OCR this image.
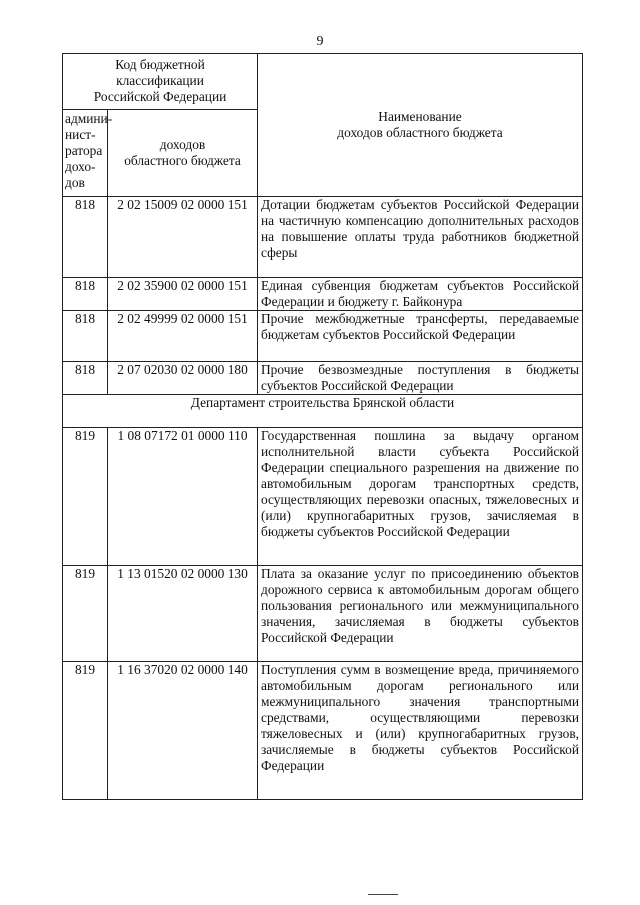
9
Код бюджетной
классификации
Российской Федерации		Наименование
доходов областного бюджета
админи-
нист-
ратора
дохо-
дов	доходов
областного бюджета	
818	2 02 15009 02 0000 151	Дотации бюджетам субъектов Российской Федерации на частичную компенсацию дополнительных расходов на повышение оплаты труда работников бюджетной сферы
818	2 02 35900 02 0000 151	Единая субвенция бюджетам субъектов Российской Федерации и бюджету г. Байконура
818	2 02 49999 02 0000 151	Прочие межбюджетные трансферты, передаваемые бюджетам субъектов Российской Федерации
818	2 07 02030 02 0000 180	Прочие безвозмездные поступления в бюджеты субъектов Российской Федерации
Департамент строительства Брянской области		
819	1 08 07172 01 0000 110	Государственная пошлина за выдачу органом исполнительной власти субъекта Российской Федерации специального разрешения на движение по автомобильным дорогам транспортных средств, осуществляющих перевозки опасных, тяжеловесных и (или) крупногабаритных грузов, зачисляемая в бюджеты субъектов Российской Федерации
819	1 13 01520 02 0000 130	Плата за оказание услуг по присоединению объектов дорожного сервиса к автомобильным дорогам общего пользования регионального или межмуниципального значения, зачисляемая в бюджеты субъектов Российской Федерации
819	1 16 37020 02 0000 140	Поступления сумм в возмещение вреда, причиняемого автомобильным дорогам регионального или межмуниципального значения транспортными средствами, осуществляющими перевозки тяжеловесных и (или) крупногабаритных грузов, зачисляемые в бюджеты субъектов Российской Федерации
